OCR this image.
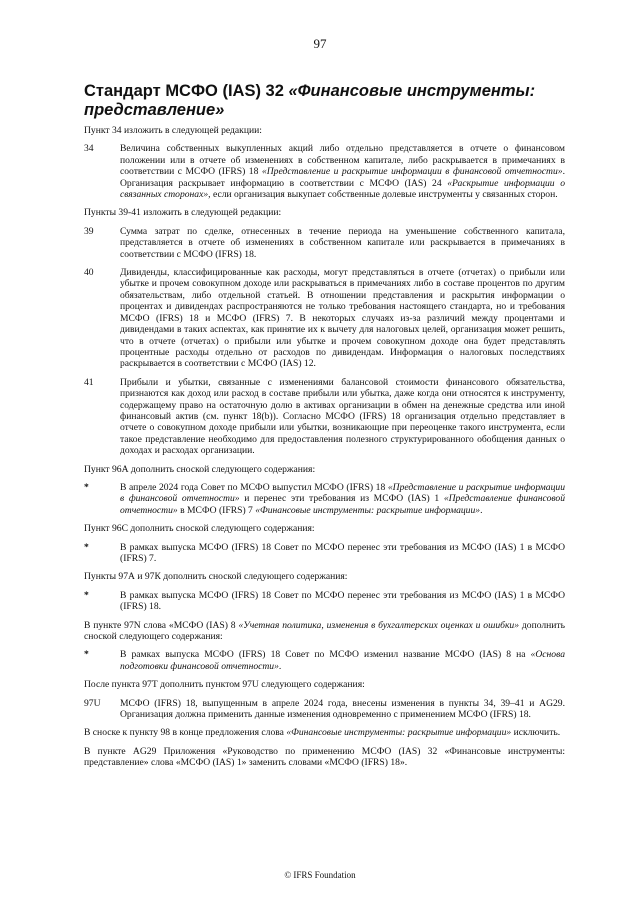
97
Стандарт МСФО (IAS) 32 «Финансовые инструменты: представление»

Пункт 34 изложить в следующей редакции:

34	Величина собственных выкупленных акций либо отдельно представляется в отчете о финансовом положении или в отчете об изменениях в собственном капитале, либо раскрывается в примечаниях в соответствии с МСФО (IFRS) 18 «Представление и раскрытие информации в финансовой отчетности». Организация раскрывает информацию в соответствии с МСФО (IAS) 24 «Раскрытие информации о связанных сторонах», если организация выкупает собственные долевые инструменты у связанных сторон.

Пункты 39-41 изложить в следующей редакции:

39	Сумма затрат по сделке, отнесенных в течение периода на уменьшение собственного капитала, представляется в отчете об изменениях в собственном капитале или раскрывается в примечаниях в соответствии с МСФО (IFRS) 18.
40	Дивиденды, классифицированные как расходы, могут представляться в отчете (отчетах) о прибыли или убытке и прочем совокупном доходе или раскрываться в примечаниях либо в составе процентов по другим обязательствам, либо отдельной статьей. В отношении представления и раскрытия информации о процентах и дивидендах распространяются не только требования настоящего стандарта, но и требования МСФО (IFRS) 18 и МСФО (IFRS) 7. В некоторых случаях из-за различий между процентами и дивидендами в таких аспектах, как принятие их к вычету для налоговых целей, организация может решить, что в отчете (отчетах) о прибыли или убытке и прочем совокупном доходе она будет представлять процентные расходы отдельно от расходов по дивидендам. Информация о налоговых последствиях раскрывается в соответствии с МСФО (IAS) 12.
41	Прибыли и убытки, связанные с изменениями балансовой стоимости финансового обязательства, признаются как доход или расход в составе прибыли или убытка, даже когда они относятся к инструменту, содержащему право на остаточную долю в активах организации в обмен на денежные средства или иной финансовый актив (см. пункт 18(b)). Согласно МСФО (IFRS) 18 организация отдельно представляет в отчете о совокупном доходе прибыли или убытки, возникающие при переоценке такого инструмента, если такое представление необходимо для предоставления полезного структурированного обобщения данных о доходах и расходах организации.

Пункт 96А дополнить сноской следующего содержания:

*	В апреле 2024 года Совет по МСФО выпустил МСФО (IFRS) 18 «Представление и раскрытие информации в финансовой отчетности» и перенес эти требования из МСФО (IAS) 1 «Представление финансовой отчетности» в МСФО (IFRS) 7 «Финансовые инструменты: раскрытие информации».

Пункт 96С дополнить сноской следующего содержания:

*	В рамках выпуска МСФО (IFRS) 18 Совет по МСФО перенес эти требования из МСФО (IAS) 1 в МСФО (IFRS) 7.

Пункты 97А и 97К дополнить сноской следующего содержания:

*	В рамках выпуска МСФО (IFRS) 18 Совет по МСФО перенес эти требования из МСФО (IAS) 1 в МСФО (IFRS) 18.

В пункте 97N слова «МСФО (IAS) 8 «Учетная политика, изменения в бухгалтерских оценках и ошибки» дополнить сноской следующего содержания:

*	В рамках выпуска МСФО (IFRS) 18 Совет по МСФО изменил название МСФО (IAS) 8 на «Основа подготовки финансовой отчетности».

После пункта 97Т дополнить пунктом 97U следующего содержания:

97U	МСФО (IFRS) 18, выпущенным в апреле 2024 года, внесены изменения в пункты 34, 39–41 и AG29. Организация должна применить данные изменения одновременно с применением МСФО (IFRS) 18.

В сноске к пункту 98 в конце предложения слова «Финансовые инструменты: раскрытие информации» исключить.

В пункте AG29 Приложения «Руководство по применению МСФО (IAS) 32 «Финансовые инструменты: представление» слова «МСФО (IAS) 1» заменить словами «МСФО (IFRS) 18».

© IFRS Foundation
